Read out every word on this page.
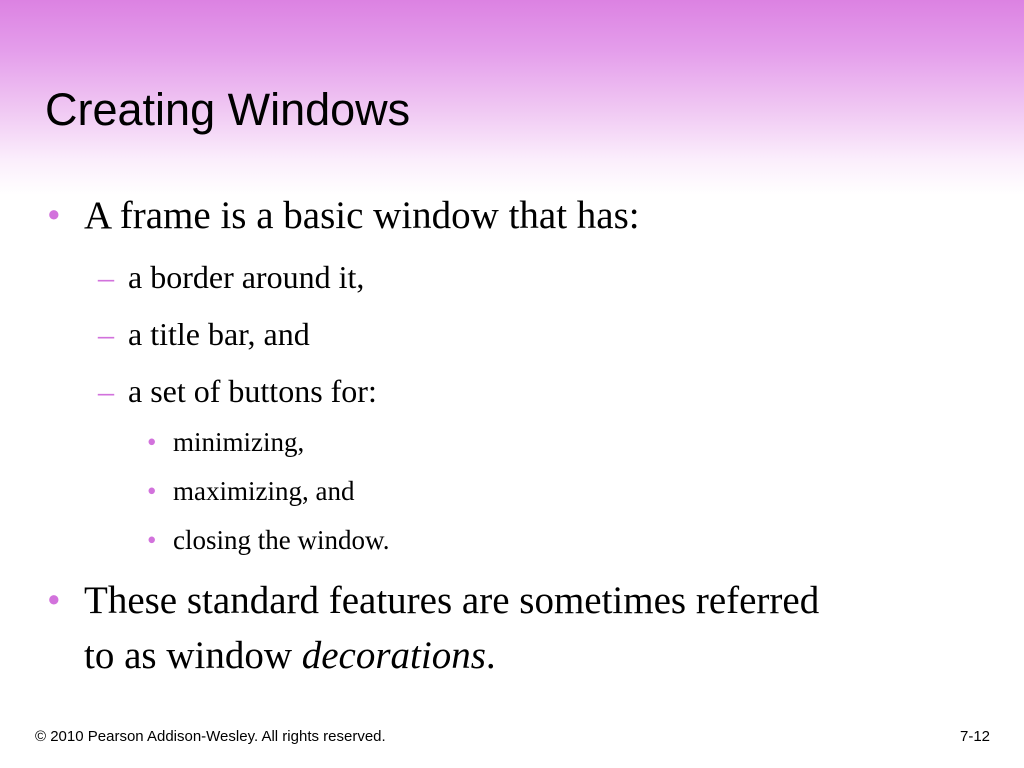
Creating Windows
• A frame is a basic window that has:
– a border around it,
– a title bar, and
– a set of buttons for:
• minimizing,
• maximizing, and
• closing the window.
• These standard features are sometimes referred
to as window decorations.
© 2010 Pearson Addison-Wesley. All rights reserved.	7-12
